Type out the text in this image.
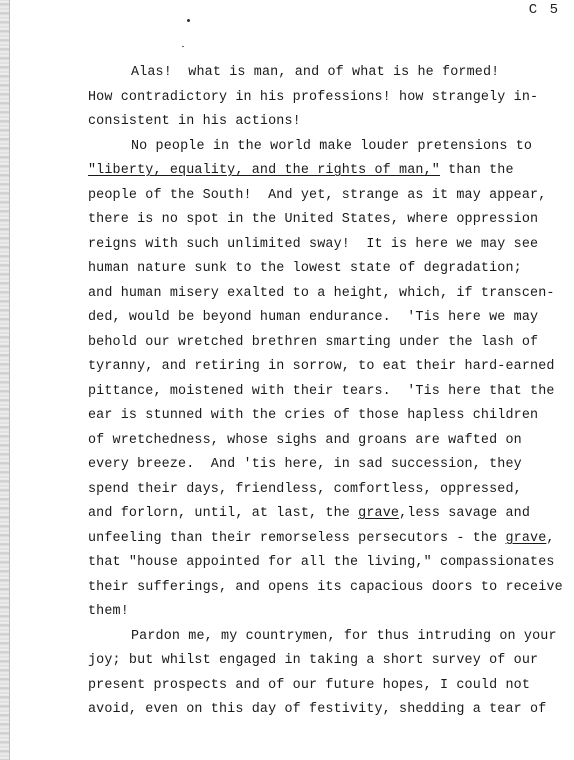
C 5
Alas!  what is man, and of what is he formed!
How contradictory in his professions! how strangely in-
consistent in his actions!
No people in the world make louder pretensions to
"liberty, equality, and the rights of man," than the
people of the South!  And yet, strange as it may appear,
there is no spot in the United States, where oppression
reigns with such unlimited sway!  It is here we may see
human nature sunk to the lowest state of degradation;
and human misery exalted to a height, which, if transcen-
ded, would be beyond human endurance.  'Tis here we may
behold our wretched brethren smarting under the lash of
tyranny, and retiring in sorrow, to eat their hard-earned
pittance, moistened with their tears.  'Tis here that the
ear is stunned with the cries of those hapless children
of wretchedness, whose sighs and groans are wafted on
every breeze.  And 'tis here, in sad succession, they
spend their days, friendless, comfortless, oppressed,
and forlorn, until, at last, the grave,less savage and
unfeeling than their remorseless persecutors - the grave,
that "house appointed for all the living," compassionates
their sufferings, and opens its capacious doors to receive
them!
Pardon me, my countrymen, for thus intruding on your
joy; but whilst engaged in taking a short survey of our
present prospects and of our future hopes, I could not
avoid, even on this day of festivity, shedding a tear of
